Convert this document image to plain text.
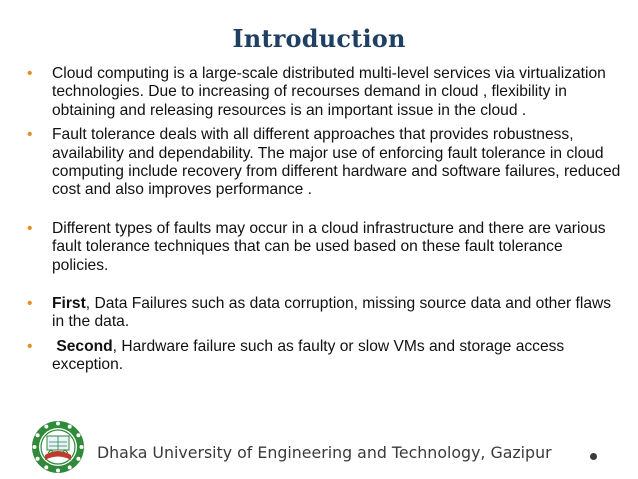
Introduction
• Cloud computing is a large-scale distributed multi-level services via virtualization technologies. Due to increasing of recourses demand in cloud , flexibility in obtaining and releasing resources is an important issue in the cloud .
• Fault tolerance deals with all different approaches that provides robustness, availability and dependability. The major use of enforcing fault tolerance in cloud computing include recovery from different hardware and software failures, reduced cost and also improves performance .
• Different types of faults may occur in a cloud infrastructure and there are various fault tolerance techniques that can be used based on these fault tolerance policies.
• First, Data Failures such as data corruption, missing source data and other flaws in the data.
• Second, Hardware failure such as faulty or slow VMs and storage access exception.
Dhaka University of Engineering and Technology, Gazipur
